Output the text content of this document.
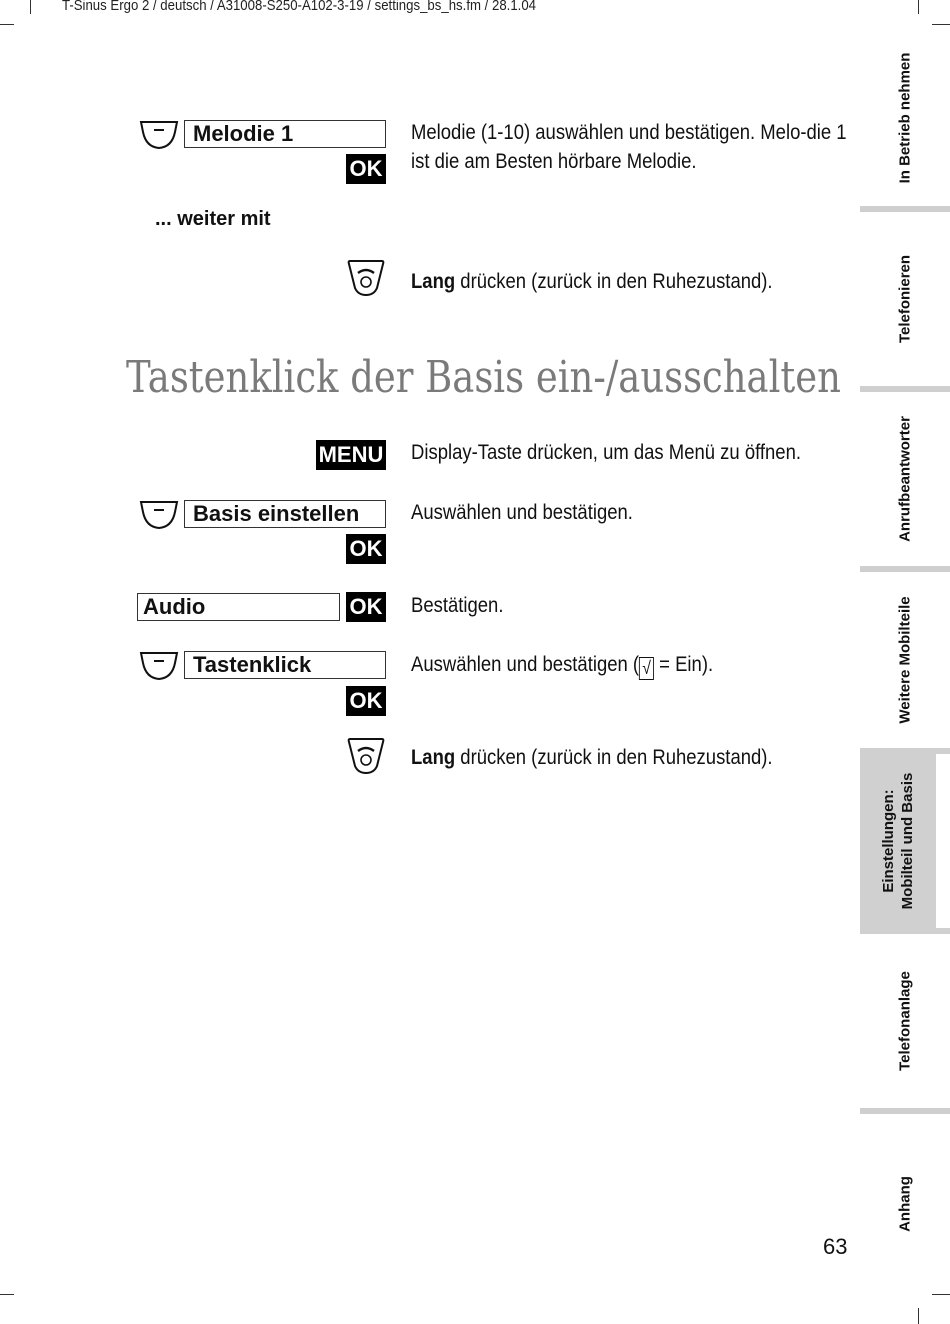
T-Sinus Ergo 2 / deutsch / A31008-S250-A102-3-19 / settings_bs_hs.fm / 28.1.04
Melodie 1
OK
Melodie (1-10) auswählen und bestätigen. Melo-die 1 ist die am Besten hörbare Melodie.
... weiter mit
Lang drücken (zurück in den Ruhezustand).
Tastenklick der Basis ein-/ausschalten
MENU Display-Taste drücken, um das Menü zu öffnen.
Basis einstellen
OK
Auswählen und bestätigen.
Audio	OK Bestätigen.
Tastenklick
OK
Auswählen und bestätigen ( √ = Ein).
Lang drücken (zurück in den Ruhezustand).
In Betrieb nehmen
Telefonieren
Anrufbeantworter
Weitere Mobilteile
Einstellungen: Mobilteil und Basis
Telefonanlage
Anhang
63
